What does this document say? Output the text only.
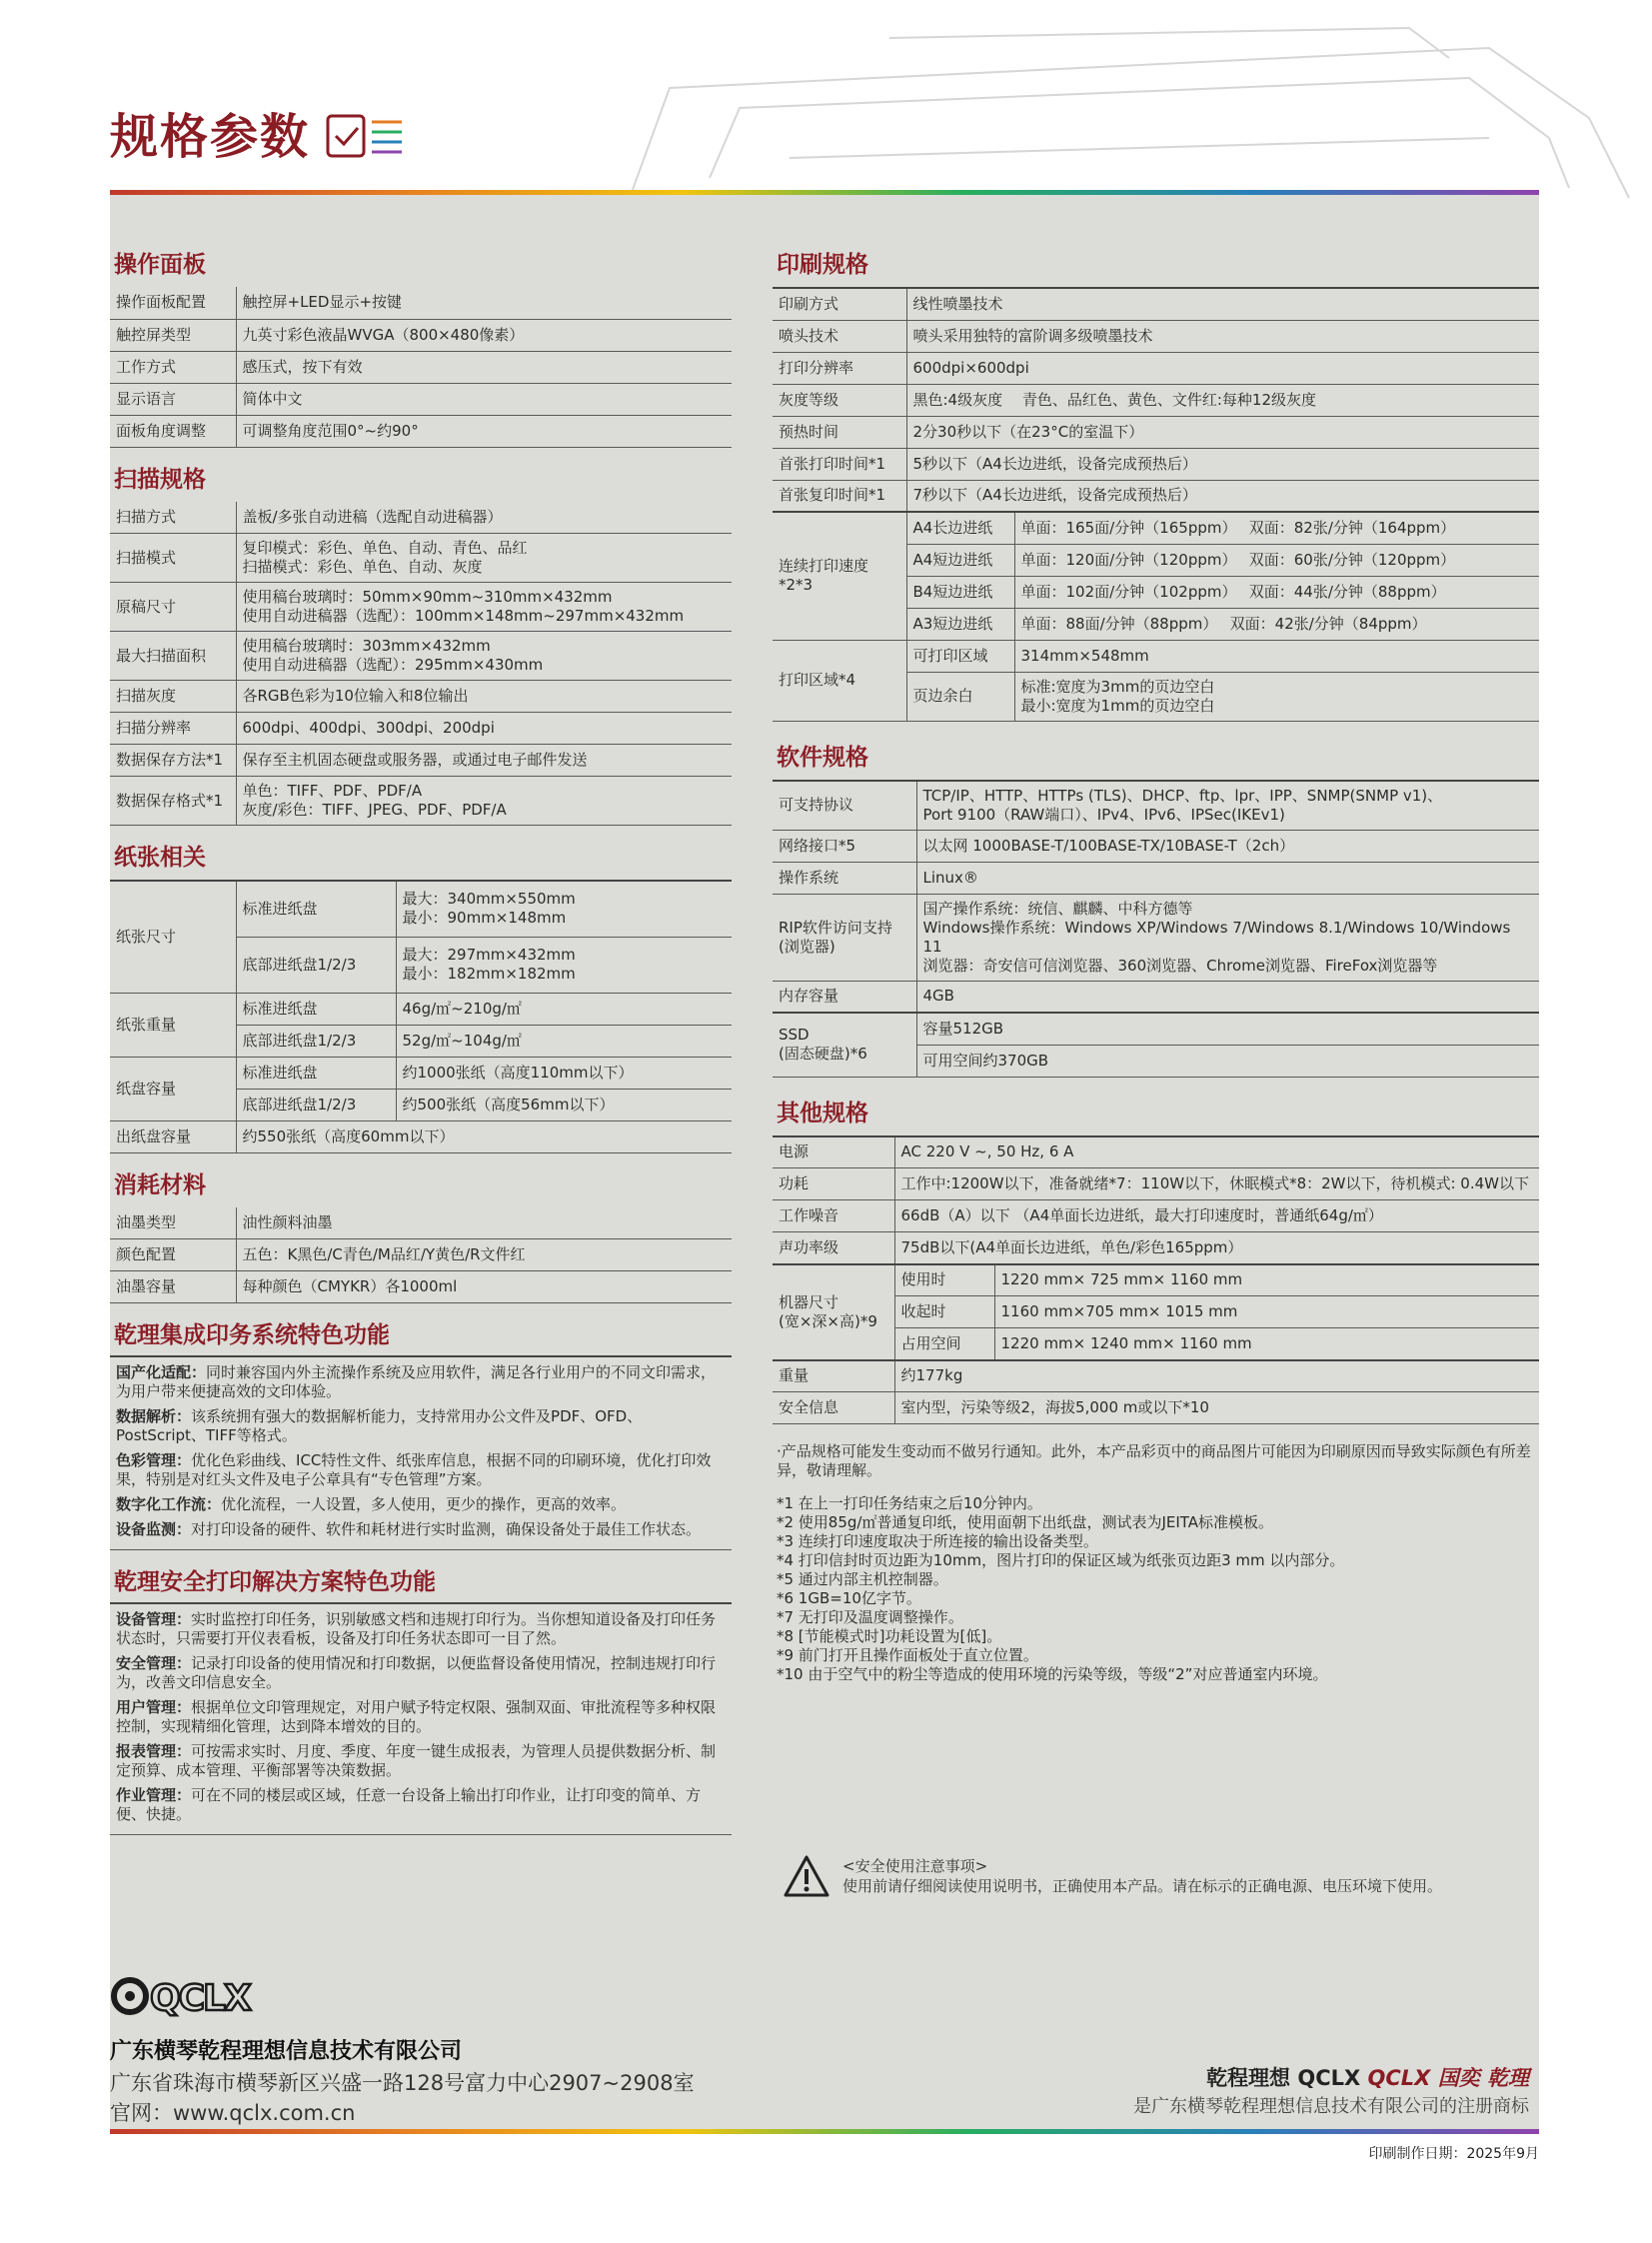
规格参数
操作面板
操作面板配置	触控屏+LED显示+按键
触控屏类型	九英寸彩色液晶WVGA（800×480像素）
工作方式	感压式，按下有效
显示语言	简体中文
面板角度调整	可调整角度范围0°~约90°
扫描规格
扫描方式	盖板/多张自动进稿（选配自动进稿器）
扫描模式	复印模式：彩色、单色、自动、青色、品红
扫描模式：彩色、单色、自动、灰度
原稿尺寸	使用稿台玻璃时：50mm×90mm~310mm×432mm
使用自动进稿器（选配）：100mm×148mm~297mm×432mm
最大扫描面积	使用稿台玻璃时：303mm×432mm
使用自动进稿器（选配）：295mm×430mm
扫描灰度	各RGB色彩为10位输入和8位输出
扫描分辨率	600dpi、400dpi、300dpi、200dpi
数据保存方法*1	保存至主机固态硬盘或服务器，或通过电子邮件发送
数据保存格式*1	单色：TIFF、PDF、PDF/A
灰度/彩色：TIFF、JPEG、PDF、PDF/A
纸张相关
纸张尺寸	标准进纸盘	最大：340mm×550mm
最小：90mm×148mm
	底部进纸盘1/2/3	最大：297mm×432mm
最小：182mm×182mm
纸张重量	标准进纸盘	46g/㎡~210g/㎡
	底部进纸盘1/2/3	52g/㎡~104g/㎡
纸盘容量	标准进纸盘	约1000张纸（高度110mm以下）
	底部进纸盘1/2/3	约500张纸（高度56mm以下）
出纸盘容量	约550张纸（高度60mm以下）	
消耗材料
油墨类型	油性颜料油墨
颜色配置	五色：K黑色/C青色/M品红/Y黄色/R文件红
油墨容量	每种颜色（CMYKR）各1000ml
乾理集成印务系统特色功能
国产化适配：同时兼容国内外主流操作系统及应用软件，满足各行业用户的不同文印需求，为用户带来便捷高效的文印体验。
数据解析：该系统拥有强大的数据解析能力，支持常用办公文件及PDF、OFD、PostScript、TIFF等格式。
色彩管理：优化色彩曲线、ICC特性文件、纸张库信息，根据不同的印刷环境，优化打印效果，特别是对红头文件及电子公章具有“专色管理”方案。
数字化工作流：优化流程，一人设置，多人使用，更少的操作，更高的效率。
设备监测：对打印设备的硬件、软件和耗材进行实时监测，确保设备处于最佳工作状态。
乾理安全打印解决方案特色功能
设备管理：实时监控打印任务，识别敏感文档和违规打印行为。当你想知道设备及打印任务状态时，只需要打开仪表看板，设备及打印任务状态即可一目了然。
安全管理：记录打印设备的使用情况和打印数据，以便监督设备使用情况，控制违规打印行为，改善文印信息安全。
用户管理：根据单位文印管理规定，对用户赋予特定权限、强制双面、审批流程等多种权限控制，实现精细化管理，达到降本增效的目的。
报表管理：可按需求实时、月度、季度、年度一键生成报表，为管理人员提供数据分析、制定预算、成本管理、平衡部署等决策数据。
作业管理：可在不同的楼层或区域，任意一台设备上输出打印作业，让打印变的简单、方便、快捷。
印刷规格
印刷方式	线性喷墨技术	
喷头技术	喷头采用独特的富阶调多级喷墨技术	
打印分辨率	600dpi×600dpi	
灰度等级	黑色:4级灰度　 青色、品红色、黄色、文件红:每种12级灰度	
预热时间	2分30秒以下（在23°C的室温下）	
首张打印时间*1	5秒以下（A4长边进纸，设备完成预热后）	
首张复印时间*1	7秒以下（A4长边进纸，设备完成预热后）	
连续打印速度*2*3	A4长边进纸	单面：165面/分钟（165ppm）　 双面：82张/分钟（164ppm）
	A4短边进纸	单面：120面/分钟（120ppm）　 双面：60张/分钟（120ppm）
	B4短边进纸	单面：102面/分钟（102ppm）　 双面：44张/分钟（88ppm）
	A3短边进纸	单面：88面/分钟（88ppm）　 双面：42张/分钟（84ppm）
打印区域*4	可打印区域	314mm×548mm
	页边余白	标准:宽度为3mm的页边空白
最小:宽度为1mm的页边空白
软件规格
可支持协议	TCP/IP、HTTP、HTTPs (TLS)、DHCP、ftp、lpr、IPP、SNMP(SNMP v1)、
Port 9100（RAW端口）、IPv4、IPv6、IPSec(IKEv1)
网络接口*5	以太网 1000BASE-T/100BASE-TX/10BASE-T（2ch）
操作系统	Linux®
RIP软件访问支持
(浏览器)	国产操作系统：统信、麒麟、中科方德等
Windows操作系统：Windows XP/Windows 7/Windows 8.1/Windows 10/Windows 11
浏览器：奇安信可信浏览器、360浏览器、Chrome浏览器、FireFox浏览器等
内存容量	4GB
SSD
(固态硬盘)*6	容量512GB
	可用空间约370GB
其他规格
电源	AC 220 V ~, 50 Hz, 6 A	
功耗	工作中:1200W以下，准备就绪*7：110W以下，休眠模式*8：2W以下，待机模式: 0.4W以下	
工作噪音	66dB（A）以下 （A4单面长边进纸，最大打印速度时，普通纸64g/㎡）	
声功率级	75dB以下(A4单面长边进纸，单色/彩色165ppm）	
机器尺寸
(宽×深×高)*9	使用时	1220 mm× 725 mm× 1160 mm
	收起时	1160 mm×705 mm× 1015 mm
	占用空间	1220 mm× 1240 mm× 1160 mm
重量	约177kg	
安全信息	室内型，污染等级2，海拔5,000 m或以下*10	
·产品规格可能发生变动而不做另行通知。此外，本产品彩页中的商品图片可能因为印刷原因而导致实际颜色有所差异，敬请理解。
*1 在上一打印任务结束之后10分钟内。
*2 使用85g/㎡普通复印纸，使用面朝下出纸盘，测试表为JEITA标准模板。
*3 连续打印速度取决于所连接的输出设备类型。
*4 打印信封时页边距为10mm，图片打印的保证区域为纸张页边距3 mm 以内部分。
*5 通过内部主机控制器。
*6 1GB=10亿字节。
*7 无打印及温度调整操作。
*8 [节能模式时]功耗设置为[低]。
*9 前门打开且操作面板处于直立位置。
*10 由于空气中的粉尘等造成的使用环境的污染等级，等级“2”对应普通室内环境。
<安全使用注意事项>
使用前请仔细阅读使用说明书，正确使用本产品。请在标示的正确电源、电压环境下使用。
QCLX
广东横琴乾程理想信息技术有限公司
广东省珠海市横琴新区兴盛一路128号富力中心2907~2908室
官网：www.qclx.com.cn
乾程理想 QCLX QCLX 国奕 乾理
是广东横琴乾程理想信息技术有限公司的注册商标
印刷制作日期：2025年9月
